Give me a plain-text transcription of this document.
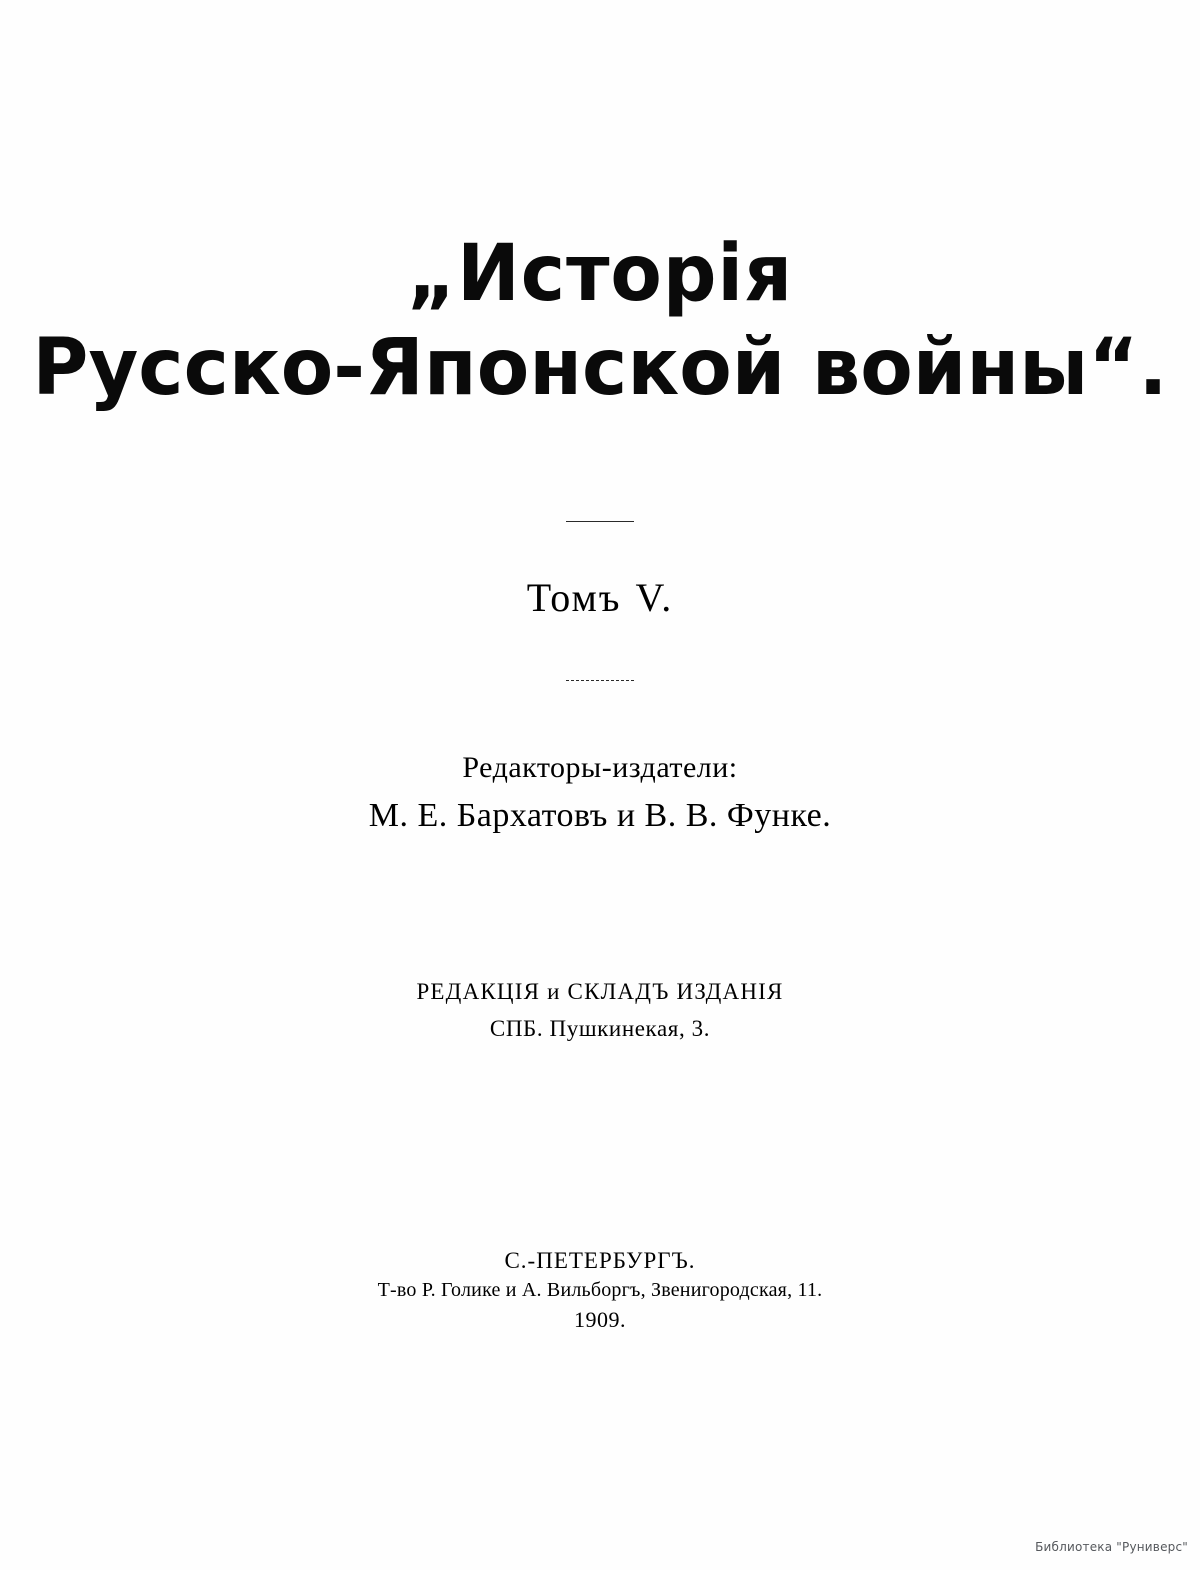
„Исторія
Русско-Японской войны“.
Томъ V.
Редакторы-издатели:
М. Е. Бархатовъ и В. В. Функе.
РЕДАКЦІЯ и СКЛАДЪ ИЗДАНІЯ
СПБ. Пушкинекая, 3.
С.-ПЕТЕРБУРГЪ.
Т-во Р. Голике и А. Вильборгъ, Звенигородская, 11.
1909.
Библиотека "Руниверс"
